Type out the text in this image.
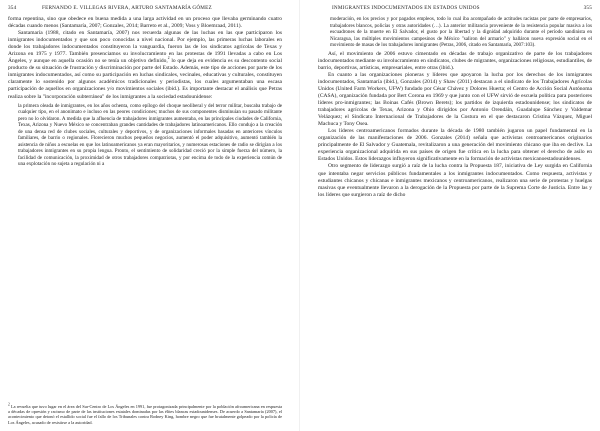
354	FERNANDO E. VILLEGAS RIVERA, ARTURO SANTAMARÍA GÓMEZ

forma repentina, sino que obedece en buena medida a una larga actividad en un proceso que llevaba germinando cuatro décadas cuando menos (Santamaría, 2007; Gonzales, 2014; Barreto et al., 2009; Voss y Bloemraad, 2011).

Santamaría (1988, citado en Santamaría, 2007) nos recuerda algunas de las luchas en las que participaron los inmigrantes indocumentados y que son poco conocidas a nivel nacional. Por ejemplo, las primeras luchas laborales en donde los trabajadores indocumentados constituyeron la vanguardia, fueron las de los sindicatos agrícolas de Texas y Arizona en 1975 y 1977. También presenciamos su involucramiento en las protestas de 1991 llevadas a cabo en Los Ángeles, y aunque en aquella ocasión no se tenía un objetivo definido,$^2$ lo que deja en evidencia es su descontento social producto de su situación de frustración y discriminación por parte del Estado. Además, este tipo de acciones por parte de los inmigrantes indocumentados, así como su participación en luchas sindicales, vecinales, educativas y culturales, constituyen claramente lo sostenido por algunos académicos tradicionales y periodistas, los cuales argumentaban una escasa participación de aquellos en organizaciones y/o movimientos sociales (ibid.). Es importante destacar el análisis que Petras realiza sobre la "incorporación subterránea" de los inmigrantes a la sociedad estadounidense:

la primera oleada de inmigrantes, en los años ochenta, como epílogo del choque neoliberal y del terror militar, buscaba trabajo de cualquier tipo, en el anonimato e incluso en las peores condiciones; muchos de sus componentes disminuían su pasado militante pero no lo olvidaron. A medida que la afluencia de trabajadores inmigrantes aumentaba, en las principales ciudades de California, Texas, Arizona y Nuevo México se concentraban grandes cantidades de trabajadores latinoamericanos. Ello condujo a la creación de una densa red de clubes sociales, culturales y deportivos, y de organizaciones informales basadas en anteriores vínculos familiares, de barrio o regionales. Florecieron muchos pequeños negocios, aumentó el poder adquisitivo, aumentó también la asistencia de niños a escuelas en que los latinoamericanos ya eran mayoritarios, y numerosas estaciones de radio se dirigían a los trabajadores inmigrantes en su propia lengua. Pronto, el sentimiento de solidaridad creció por la simple fuerza del número, la facilidad de comunicación, la proximidad de otros trabajadores compatriotas, y por encima de todo de la experiencia común de una explotación no sujeta a regulación ni a

$^2$ La revuelta que tuvo lugar en el área del Sur-Centro de Los Ángeles en 1991, fue protagonizada principalmente por la población afroamericana en respuesta a décadas de opresión y racismo de parte de las instituciones estatales dominadas por las élites blancas estadounidenses. De acuerdo a Santamaría (2007), el acontecimiento que detonó el estallido social fue el fallo de los Tribunales contra Rodney King, hombre negro que fue brutalmente golpeado por la policía de Los Ángeles, acusado de resistirse a la autoridad.

INMIGRANTES INDOCUMENTADOS EN ESTADOS UNIDOS	355

moderación, en los precios y por pagados empleos, todo lo cual iba acompañado de actitudes racistas por parte de empresarios, trabajadores blancos, policías y otras autoridades (…). La anterior militancia proveniente de la resistencia popular masiva a los escuadrones de la muerte en El Salvador, el gusto por la libertad y la dignidad adquirido durante el período sandinista en Nicaragua, las múltiples movimientos campesinos de México "saliron del armario" y halláron nueva expresión social en el movimiento de masas de los trabajadores inmigrantes (Petras, 2006, citado en Santamaría, 2007:103).

Así, el movimiento de 2006 estuvo cimentado en décadas de trabajo organizativo de parte de los trabajadores indocumentados mediante su involucramiento en sindicatos, clubes de migrantes, organizaciones religiosas, estudiantiles, de barrio, deportivas, artísticas, empresariales, entre otras (ibid.).

En cuanto a las organizaciones pioneras y líderes que apoyaron la lucha por los derechos de los inmigrantes indocumentados, Santamaría (ibid.), Gonzales (2014) y Shaw (2011) destacan a el sindicato de los Trabajadores Agrícolas Unidos (United Farm Workers, UFW) fundado por César Chávez y Dolores Huerta; el Centro de Acción Social Autónoma (CASA), organización fundada por Bert Corona en 1969 y que junto con el UFW sirvió de escuela política para posteriores líderes pro-inmigrantes; las Boinas Cafés (Brown Berets); los partidos de izquierda estadounidense; los sindicatos de trabajadores agrícolas de Texas, Arizona y Ohio dirigidos por Antonio Orendáin, Guadalupe Sánchez y Valdemar Velázquez; el Sindicato Internacional de Trabajadores de la Costura en el que destacaron Cristina Vázquez, Miguel Machuca y Tony Osea.

Los líderes centroamericanos formados durante la década de 1980 también jugaron un papel fundamental en la organización de las manifestaciones de 2006. Gonzales (2014) señala que activistas centroamericanos originarios principalmente de El Salvador y Guatemala, revitalizaron a una generación del movimiento chicano que iba en declive. La experiencia organizacional adquirida en sus países de origen fue crítica en la lucha para obtener el derecho de asilo en Estados Unidos. Estos liderazgos influyeron significativamente en la formación de activistas mexicanoestadounidenses.

Otro segmento de liderazgo surgió a raíz de la lucha contra la Propuesta 187, iniciativa de Ley surgida en California que intentaba negar servicios públicos fundamentales a los inmigrantes indocumentados. Como respuesta, activistas y estudiantes chicanos y chicanas e inmigrantes mexicanos y centroamericanos, realizaron una serie de protestas y huelgas masivas que eventualmente llevaron a la derogación de la Propuesta por parte de la Suprema Corte de Justicia. Entre las y los líderes que surgieron a raíz de dicho
